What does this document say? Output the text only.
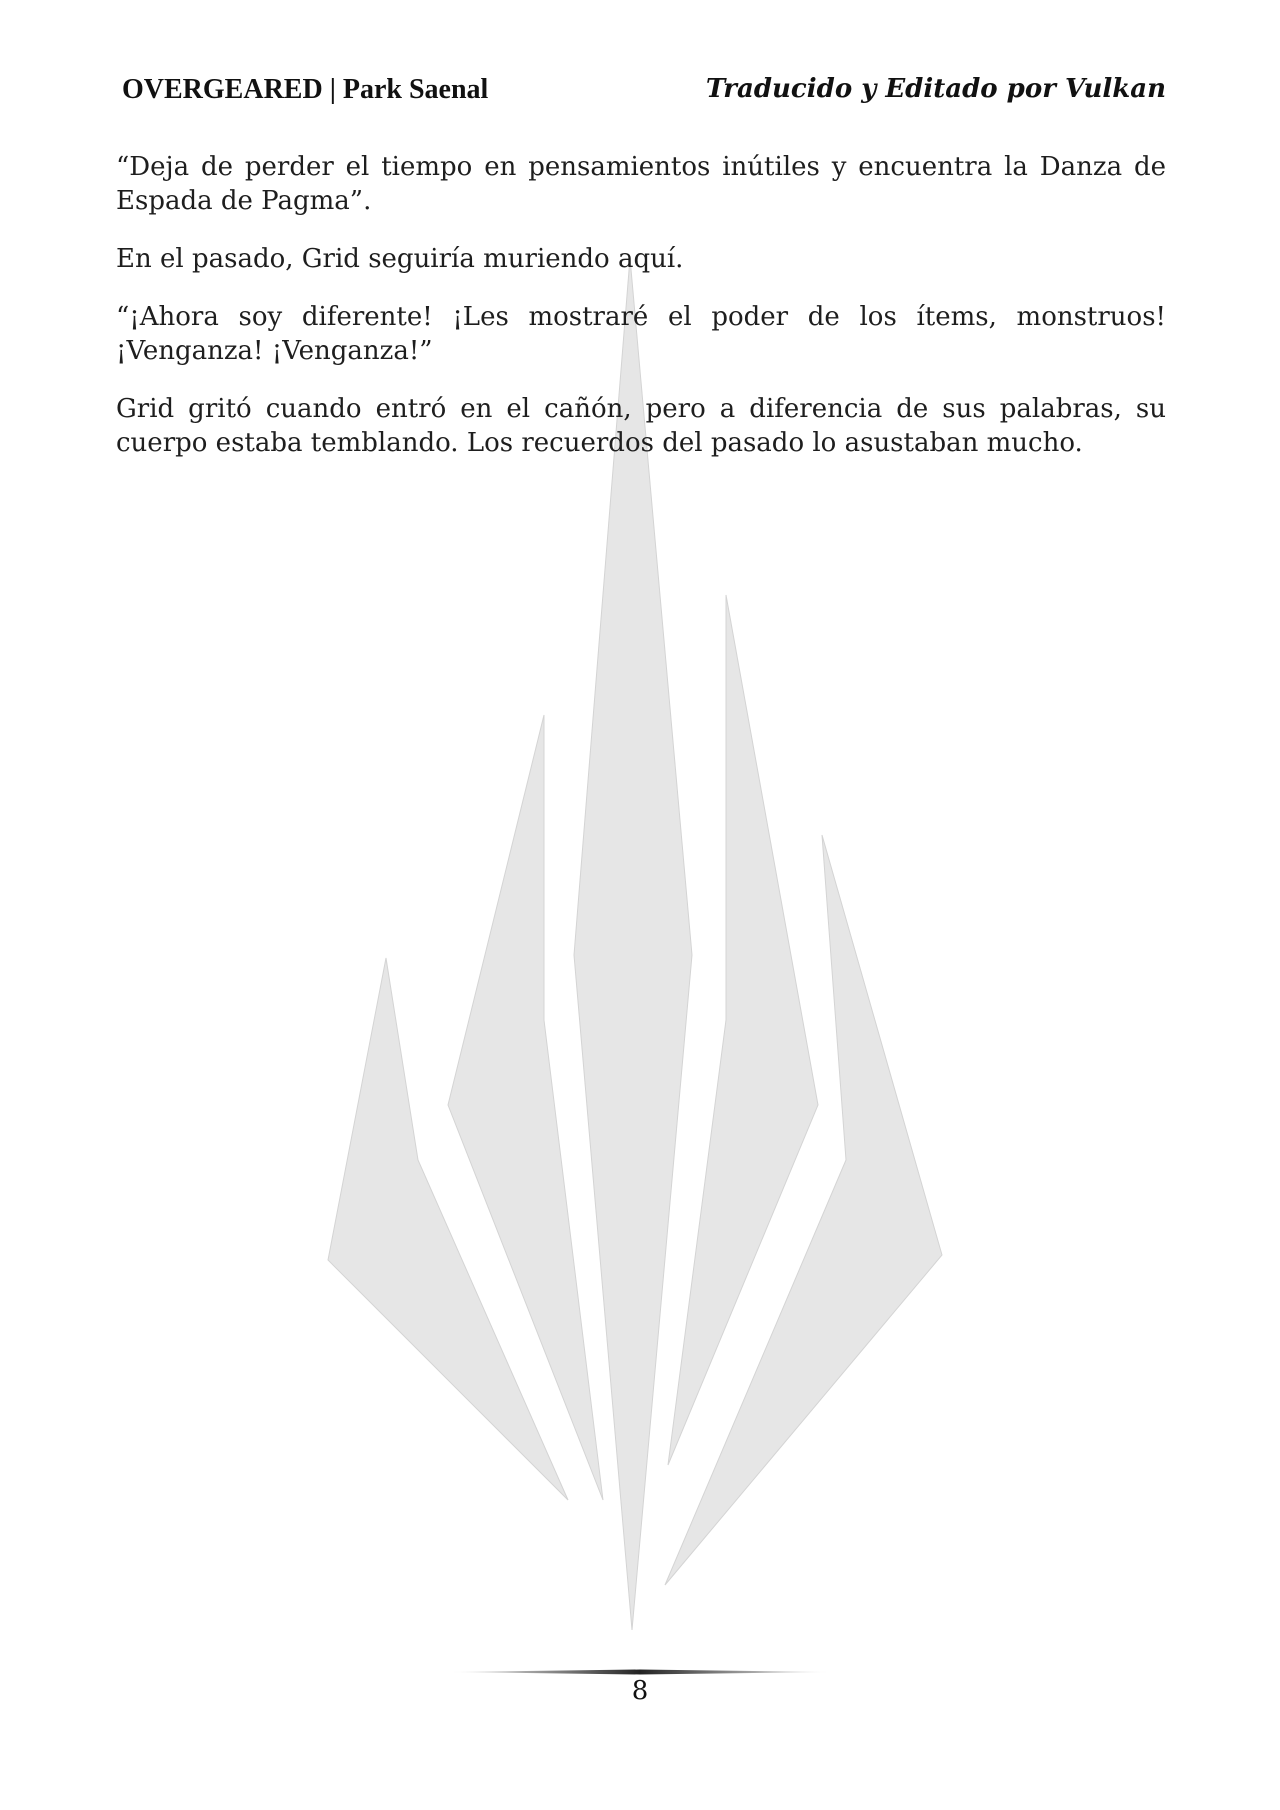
OVERGEARED | Park Saenal	Traducido y Editado por Vulkan

“Deja de perder el tiempo en pensamientos inútiles y encuentra la Danza de Espada de Pagma”.

En el pasado, Grid seguiría muriendo aquí.

“¡Ahora soy diferente! ¡Les mostraré el poder de los ítems, monstruos! ¡Venganza! ¡Venganza!”

Grid gritó cuando entró en el cañón, pero a diferencia de sus palabras, su cuerpo estaba temblando. Los recuerdos del pasado lo asustaban mucho.

8
